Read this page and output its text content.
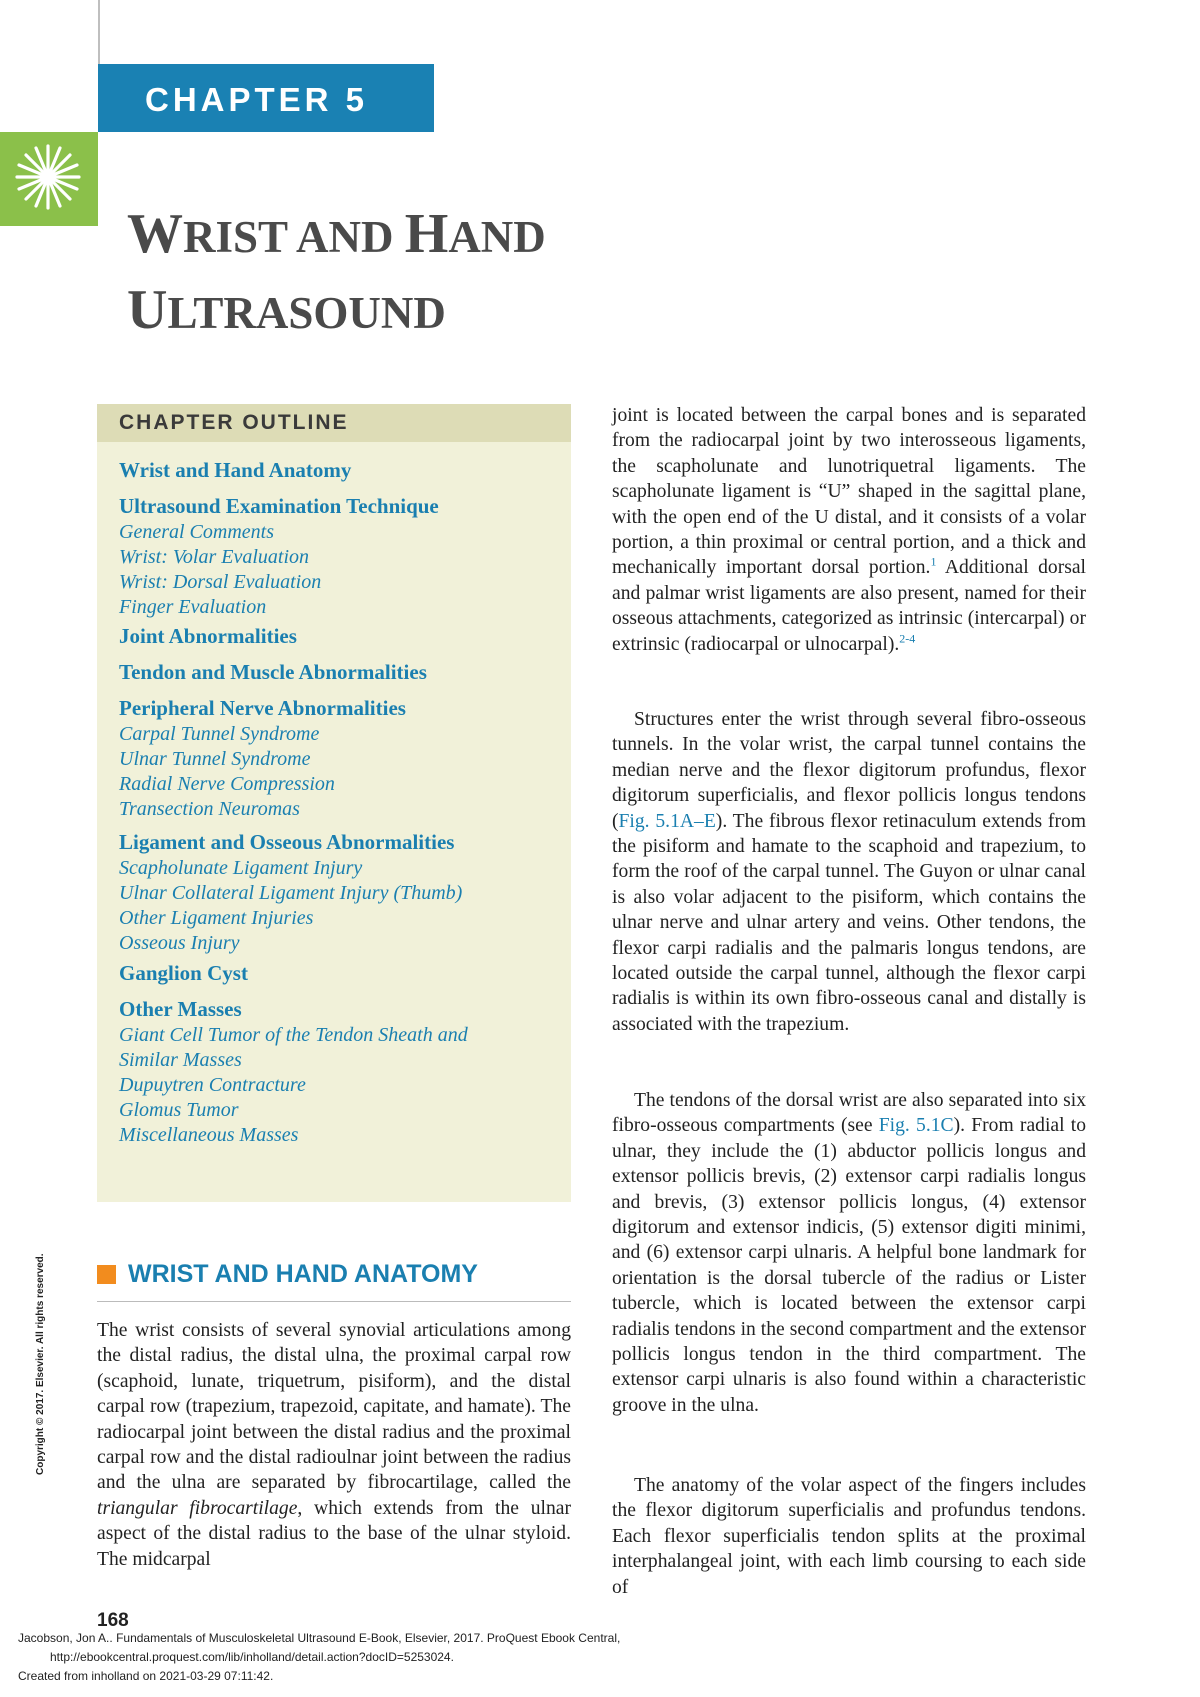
CHAPTER 5
WRIST AND HAND
ULTRASOUND
CHAPTER OUTLINE
Wrist and Hand Anatomy
Ultrasound Examination Technique
General Comments
Wrist: Volar Evaluation
Wrist: Dorsal Evaluation
Finger Evaluation
Joint Abnormalities
Tendon and Muscle Abnormalities
Peripheral Nerve Abnormalities
Carpal Tunnel Syndrome
Ulnar Tunnel Syndrome
Radial Nerve Compression
Transection Neuromas
Ligament and Osseous Abnormalities
Scapholunate Ligament Injury
Ulnar Collateral Ligament Injury (Thumb)
Other Ligament Injuries
Osseous Injury
Ganglion Cyst
Other Masses
Giant Cell Tumor of the Tendon Sheath and
Similar Masses
Dupuytren Contracture
Glomus Tumor
Miscellaneous Masses
WRIST AND HAND ANATOMY

The wrist consists of several synovial articulations among the distal radius, the distal ulna, the proximal carpal row (scaphoid, lunate, triquetrum, pisiform), and the distal carpal row (trapezium, trapezoid, capitate, and hamate). The radiocarpal joint between the distal radius and the proximal carpal row and the distal radioulnar joint between the radius and the ulna are separated by fibrocartilage, called the triangular fibrocartilage, which extends from the ulnar aspect of the distal radius to the base of the ulnar styloid. The midcarpal

joint is located between the carpal bones and is separated from the radiocarpal joint by two interosseous ligaments, the scapholunate and lunotriquetral ligaments. The scapholunate ligament is “U” shaped in the sagittal plane, with the open end of the U distal, and it consists of a volar portion, a thin proximal or central portion, and a thick and mechanically important dorsal portion.$^1$ Additional dorsal and palmar wrist ligaments are also present, named for their osseous attachments, categorized as intrinsic (intercarpal) or extrinsic (radiocarpal or ulnocarpal).$^{2-4}$

Structures enter the wrist through several fibro-osseous tunnels. In the volar wrist, the carpal tunnel contains the median nerve and the flexor digitorum profundus, flexor digitorum superficialis, and flexor pollicis longus tendons (Fig. 5.1A–E). The fibrous flexor retinaculum extends from the pisiform and hamate to the scaphoid and trapezium, to form the roof of the carpal tunnel. The Guyon or ulnar canal is also volar adjacent to the pisiform, which contains the ulnar nerve and ulnar artery and veins. Other tendons, the flexor carpi radialis and the palmaris longus tendons, are located outside the carpal tunnel, although the flexor carpi radialis is within its own fibro-osseous canal and distally is associated with the trapezium.

The tendons of the dorsal wrist are also separated into six fibro-osseous compartments (see Fig. 5.1C). From radial to ulnar, they include the (1) abductor pollicis longus and extensor pollicis brevis, (2) extensor carpi radialis longus and brevis, (3) extensor pollicis longus, (4) extensor digitorum and extensor indicis, (5) extensor digiti minimi, and (6) extensor carpi ulnaris. A helpful bone landmark for orientation is the dorsal tubercle of the radius or Lister tubercle, which is located between the extensor carpi radialis tendons in the second compartment and the extensor pollicis longus tendon in the third compartment. The extensor carpi ulnaris is also found within a characteristic groove in the ulna.

The anatomy of the volar aspect of the fingers includes the flexor digitorum superficialis and profundus tendons. Each flexor superficialis tendon splits at the proximal interphalangeal joint, with each limb coursing to each side of

Copyright © 2017. Elsevier. All rights reserved.
Jacobson, Jon A.. Fundamentals of Musculoskeletal Ultrasound E-Book, Elsevier, 2017. ProQuest Ebook Central,
168
http://ebookcentral.proquest.com/lib/inholland/detail.action?docID=5253024.
Created from inholland on 2021-03-29 07:11:42.
